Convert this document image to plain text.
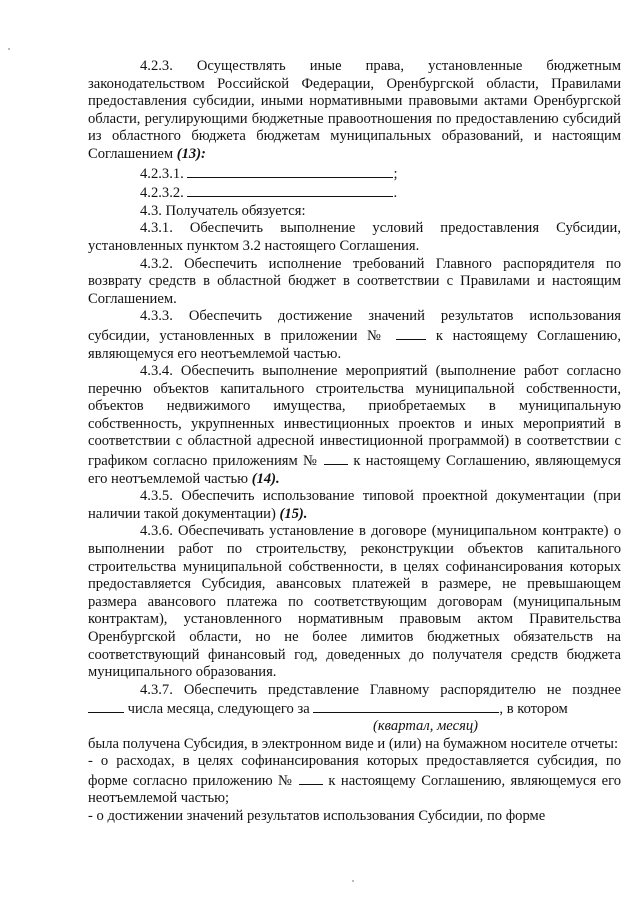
4.2.3. Осуществлять иные права, установленные бюджетным законодательством Российской Федерации, Оренбургской области, Правилами предоставления субсидии, иными нормативными правовыми актами Оренбургской области, регулирующими бюджетные правоотношения по предоставлению субсидий из областного бюджета бюджетам муниципальных образований, и настоящим Соглашением (13):

4.2.3.1.	;

4.2.3.2.	.

4.3. Получатель обязуется:

4.3.1. Обеспечить выполнение условий предоставления Субсидии, установленных пунктом 3.2 настоящего Соглашения.

4.3.2. Обеспечить исполнение требований Главного распорядителя по возврату средств в областной бюджет в соответствии с Правилами и настоящим Соглашением.

4.3.3. Обеспечить достижение значений результатов использования субсидии, установленных в приложении №  к настоящему Соглашению, являющемуся его неотъемлемой частью.

4.3.4. Обеспечить выполнение мероприятий (выполнение работ согласно перечню объектов капитального строительства муниципальной собственности, объектов недвижимого имущества, приобретаемых в муниципальную собственность, укрупненных инвестиционных проектов и иных мероприятий в соответствии с областной адресной инвестиционной программой) в соответствии с графиком согласно приложениям №  к настоящему Соглашению, являющемуся его неотъемлемой частью (14).

4.3.5. Обеспечить использование типовой проектной документации (при наличии такой документации) (15).

4.3.6. Обеспечивать установление в договоре (муниципальном контракте) о выполнении работ по строительству, реконструкции объектов капитального строительства муниципальной собственности, в целях софинансирования которых предоставляется Субсидия, авансовых платежей в размере, не превышающем размера авансового платежа по соответствующим договорам (муниципальным контрактам), установленного нормативным правовым актом Правительства Оренбургской области, но не более лимитов бюджетных обязательств на соответствующий финансовый год, доведенных до получателя средств бюджета муниципального образования.

4.3.7. Обеспечить представление Главному распорядителю не позднее

числа месяца, следующего за	, в котором

(квартал, месяц)

была получена Субсидия, в электронном виде и (или) на бумажном носителе отчеты:

- о расходах, в целях софинансирования которых предоставляется субсидия, по форме согласно приложению №  к настоящему Соглашению, являющемуся его неотъемлемой частью;

- о достижении значений результатов использования Субсидии, по форме
